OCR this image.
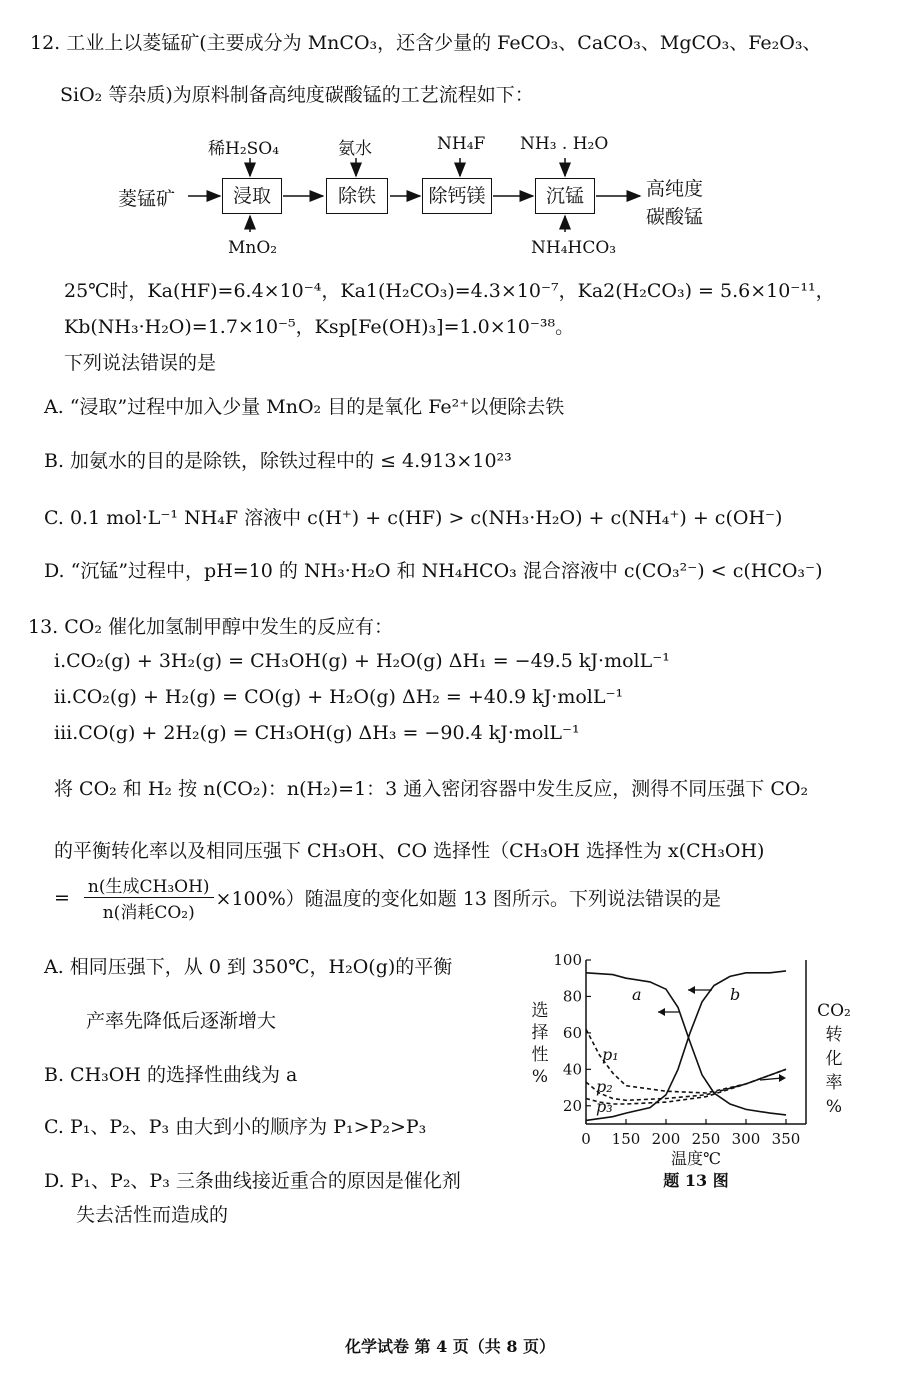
12. 工业上以菱锰矿(主要成分为 MnCO₃，还含少量的 FeCO₃、CaCO₃、MgCO₃、Fe₂O₃、
SiO₂ 等杂质)为原料制备高纯度碳酸锰的工艺流程如下：
菱锰矿	浸取	除铁	除钙镁	沉锰
稀H₂SO₄	氨水	NH₄F NH₃ . H₂O
MnO₂	NH₄HCO₃
高纯度
碳酸锰
25℃时，Ka(HF)=6.4×10⁻⁴，Ka1(H₂CO₃)=4.3×10⁻⁷，Ka2(H₂CO₃) = 5.6×10⁻¹¹，
Kb(NH₃·H₂O)=1.7×10⁻⁵，Ksp[Fe(OH)₃]=1.0×10⁻³⁸。
下列说法错误的是
A. “浸取”过程中加入少量 MnO₂ 目的是氧化 Fe²⁺以便除去铁
B. 加氨水的目的是除铁，除铁过程中的 ≤ 4.913×10²³
C. 0.1 mol·L⁻¹ NH₄F 溶液中 c(H⁺) + c(HF) > c(NH₃·H₂O) + c(NH₄⁺) + c(OH⁻)
D. “沉锰”过程中，pH=10 的 NH₃·H₂O 和 NH₄HCO₃ 混合溶液中 c(CO₃²⁻) < c(HCO₃⁻)
13. CO₂ 催化加氢制甲醇中发生的反应有：
i.CO₂(g) + 3H₂(g) = CH₃OH(g) + H₂O(g) ΔH₁ = −49.5 kJ·molL⁻¹
ii.CO₂(g) + H₂(g) = CO(g) + H₂O(g) ΔH₂ = +40.9 kJ·molL⁻¹
iii.CO(g) + 2H₂(g) = CH₃OH(g) ΔH₃ = −90.4 kJ·molL⁻¹
将 CO₂ 和 H₂ 按 n(CO₂)：n(H₂)=1：3 通入密闭容器中发生反应，测得不同压强下 CO₂
的平衡转化率以及相同压强下 CH₃OH、CO 选择性（CH₃OH 选择性为 x(CH₃OH)
= $\frac{\text{n(生成CH₃OH)}}{\text{n(消耗CO₂)}} \times 100\%$）随温度的变化如题 13 图所示。下列说法错误的是
A. 相同压强下，从 0 到 350℃，H₂O(g)的平衡
产率先降低后逐渐增大
B. CH₃OH 的选择性曲线为 a
C. P₁、P₂、P₃ 由大到小的顺序为 P₁>P₂>P₃
D. P₁、P₂、P₃ 三条曲线接近重合的原因是催化剂
失去活性而造成的
100
80
60
40
20
0 150 200 250 300 350
温度℃
题 13 图
选
择
性
%
CO₂
转
化
率
%
a	b
p₁
p₂
p₃
化学试卷 第 4 页（共 8 页）
